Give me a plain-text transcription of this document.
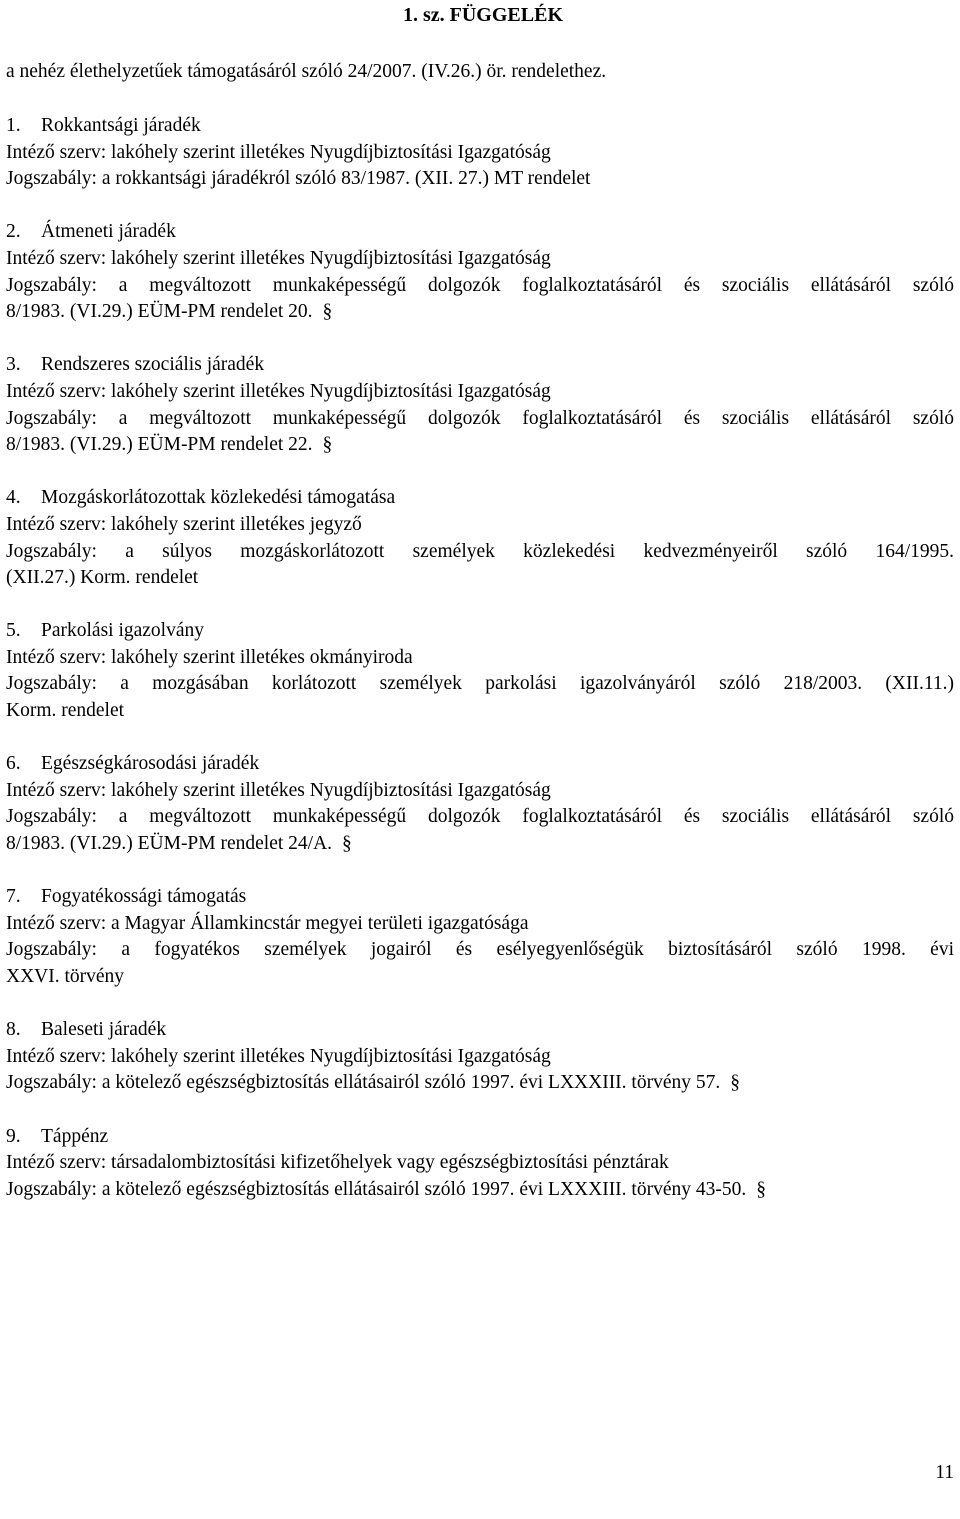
1. sz. FÜGGELÉK
a nehéz élethelyzetűek támogatásáról szóló 24/2007. (IV.26.) ör. rendelethez.
1. Rokkantsági járadék
Intéző szerv: lakóhely szerint illetékes Nyugdíjbiztosítási Igazgatóság
Jogszabály: a rokkantsági járadékról szóló 83/1987. (XII. 27.) MT rendelet
2. Átmeneti járadék
Intéző szerv: lakóhely szerint illetékes Nyugdíjbiztosítási Igazgatóság
Jogszabály: a megváltozott munkaképességű dolgozók foglalkoztatásáról és szociális ellátásáról szóló
8/1983. (VI.29.) EÜM-PM rendelet 20. §
3. Rendszeres szociális járadék
Intéző szerv: lakóhely szerint illetékes Nyugdíjbiztosítási Igazgatóság
Jogszabály: a megváltozott munkaképességű dolgozók foglalkoztatásáról és szociális ellátásáról szóló
8/1983. (VI.29.) EÜM-PM rendelet 22. §
4. Mozgáskorlátozottak közlekedési támogatása
Intéző szerv: lakóhely szerint illetékes jegyző
Jogszabály: a súlyos mozgáskorlátozott személyek közlekedési kedvezményeiről szóló 164/1995.
(XII.27.) Korm. rendelet
5. Parkolási igazolvány
Intéző szerv: lakóhely szerint illetékes okmányiroda
Jogszabály: a mozgásában korlátozott személyek parkolási igazolványáról szóló 218/2003. (XII.11.)
Korm. rendelet
6. Egészségkárosodási járadék
Intéző szerv: lakóhely szerint illetékes Nyugdíjbiztosítási Igazgatóság
Jogszabály: a megváltozott munkaképességű dolgozók foglalkoztatásáról és szociális ellátásáról szóló
8/1983. (VI.29.) EÜM-PM rendelet 24/A. §
7. Fogyatékossági támogatás
Intéző szerv: a Magyar Államkincstár megyei területi igazgatósága
Jogszabály: a fogyatékos személyek jogairól és esélyegyenlőségük biztosításáról szóló 1998. évi
XXVI. törvény
8. Baleseti járadék
Intéző szerv: lakóhely szerint illetékes Nyugdíjbiztosítási Igazgatóság
Jogszabály: a kötelező egészségbiztosítás ellátásairól szóló 1997. évi LXXXIII. törvény 57. §
9. Táppénz
Intéző szerv: társadalombiztosítási kifizetőhelyek vagy egészségbiztosítási pénztárak
Jogszabály: a kötelező egészségbiztosítás ellátásairól szóló 1997. évi LXXXIII. törvény 43-50. §
11
